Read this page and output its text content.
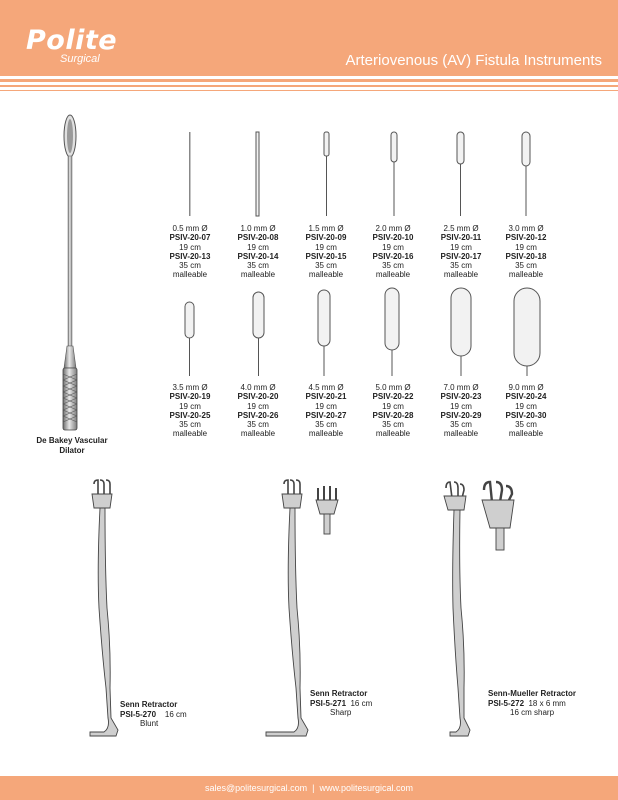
Polite
Surgical	Arteriovenous (AV) Fistula Instruments
De Bakey Vascular
Dilator
0.5 mm Ø
PSIV-20-07
19 cm
PSIV-20-13
35 cm
malleable
1.0 mm Ø
PSIV-20-08
19 cm
PSIV-20-14
35 cm
malleable
1.5 mm Ø
PSIV-20-09
19 cm
PSIV-20-15
35 cm
malleable
2.0 mm Ø
PSIV-20-10
19 cm
PSIV-20-16
35 cm
malleable
2.5 mm Ø
PSIV-20-11
19 cm
PSIV-20-17
35 cm
malleable
3.0 mm Ø
PSIV-20-12
19 cm
PSIV-20-18
35 cm
malleable
3.5 mm Ø
PSIV-20-19
19 cm
PSIV-20-25
35 cm
malleable
4.0 mm Ø
PSIV-20-20
19 cm
PSIV-20-26
35 cm
malleable
4.5 mm Ø
PSIV-20-21
19 cm
PSIV-20-27
35 cm
malleable
5.0 mm Ø
PSIV-20-22
19 cm
PSIV-20-28
35 cm
malleable
7.0 mm Ø
PSIV-20-23
19 cm
PSIV-20-29
35 cm
malleable
9.0 mm Ø
PSIV-20-24
19 cm
PSIV-20-30
35 cm
malleable
Senn Retractor
PSI-5-270 16 cm
Blunt
Senn Retractor
PSI-5-271 16 cm
Sharp
Senn-Mueller Retractor
PSI-5-272 18 x 6 mm
16 cm sharp
sales@politesurgical.com | www.politesurgical.com
